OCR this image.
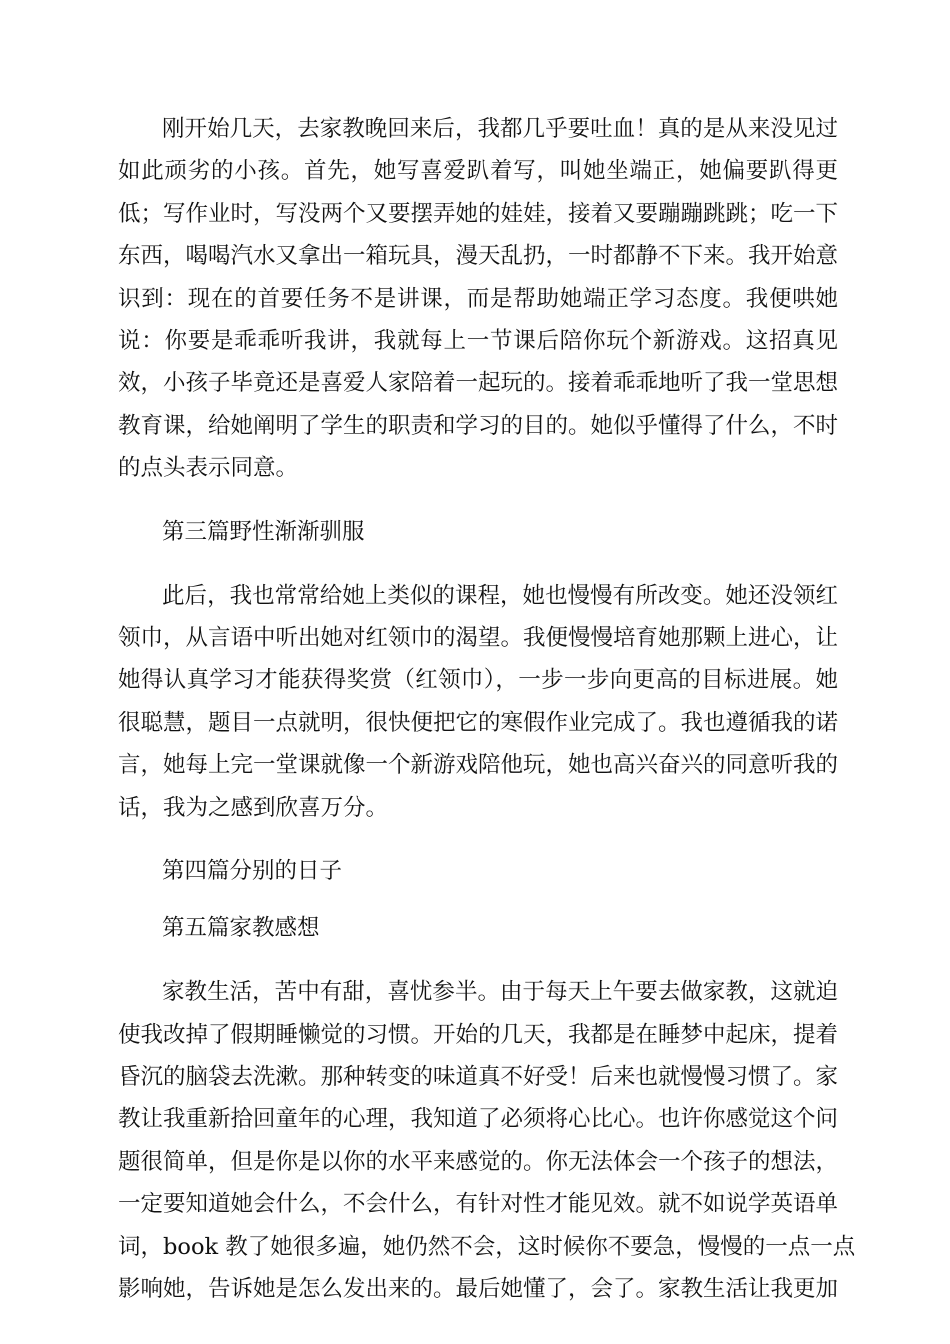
刚开始几天，去家教晚回来后，我都几乎要吐血！真的是从来没见过
如此顽劣的小孩。首先，她写喜爱趴着写，叫她坐端正，她偏要趴得更
低；写作业时，写没两个又要摆弄她的娃娃，接着又要蹦蹦跳跳；吃一下
东西，喝喝汽水又拿出一箱玩具，漫天乱扔，一时都静不下来。我开始意
识到：现在的首要任务不是讲课，而是帮助她端正学习态度。我便哄她
说：你要是乖乖听我讲，我就每上一节课后陪你玩个新游戏。这招真见
效，小孩子毕竟还是喜爱人家陪着一起玩的。接着乖乖地听了我一堂思想
教育课，给她阐明了学生的职责和学习的目的。她似乎懂得了什么，不时
的点头表示同意。
第三篇野性渐渐驯服
此后，我也常常给她上类似的课程，她也慢慢有所改变。她还没领红
领巾，从言语中听出她对红领巾的渴望。我便慢慢培育她那颗上进心，让
她得认真学习才能获得奖赏（红领巾），一步一步向更高的目标进展。她
很聪慧，题目一点就明，很快便把它的寒假作业完成了。我也遵循我的诺
言，她每上完一堂课就像一个新游戏陪他玩，她也高兴奋兴的同意听我的
话，我为之感到欣喜万分。
第四篇分别的日子
第五篇家教感想
家教生活，苦中有甜，喜忧参半。由于每天上午要去做家教，这就迫
使我改掉了假期睡懒觉的习惯。开始的几天，我都是在睡梦中起床，提着
昏沉的脑袋去洗漱。那种转变的味道真不好受！后来也就慢慢习惯了。家
教让我重新拾回童年的心理，我知道了必须将心比心。也许你感觉这个问
题很简单，但是你是以你的水平来感觉的。你无法体会一个孩子的想法，
一定要知道她会什么，不会什么，有针对性才能见效。就不如说学英语单
词，book 教了她很多遍，她仍然不会，这时候你不要急，慢慢的一点一点
影响她，告诉她是怎么发出来的。最后她懂了，会了。家教生活让我更加
